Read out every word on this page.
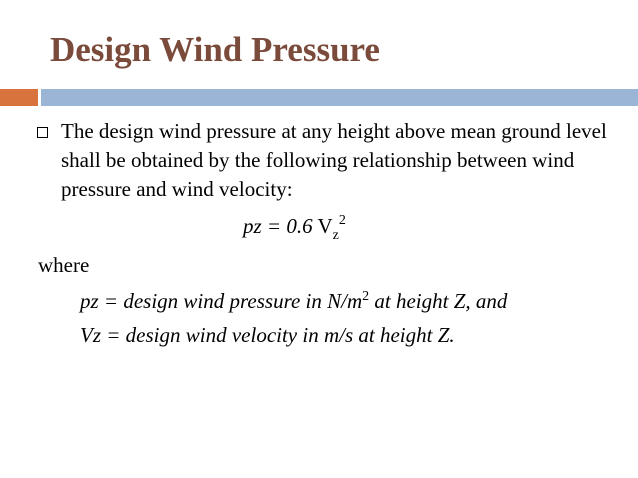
Design Wind Pressure

The design wind pressure at any height above mean ground level shall be obtained by the following relationship between wind pressure and wind velocity:

pz = 0.6 $V_z^2$
where
pz = design wind pressure in $N/m^2$ at height Z, and
Vz = design wind velocity in m/s at height Z.
